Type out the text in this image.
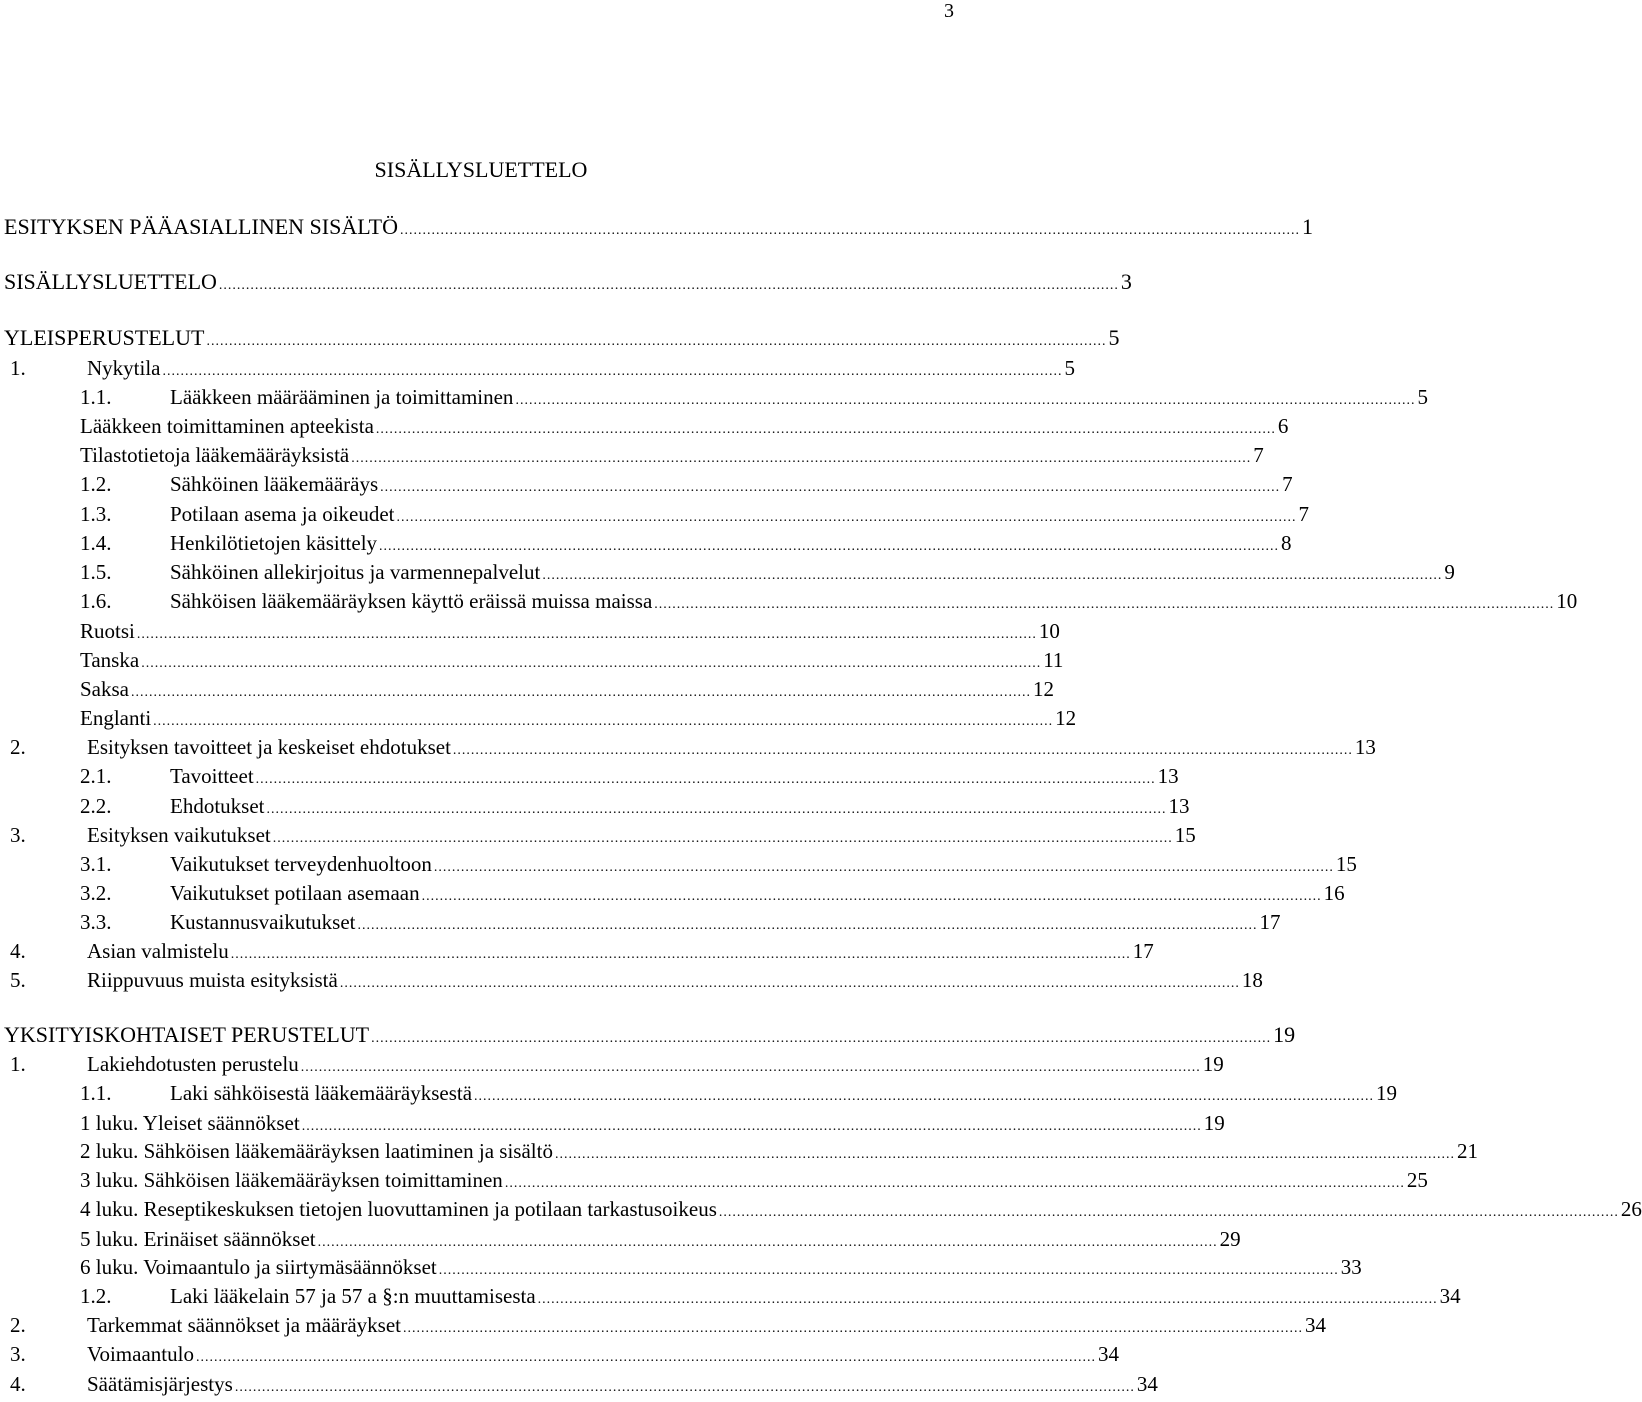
3
SISÄLLYSLUETTELO
ESITYKSEN PÄÄASIALLINEN SISÄLTÖ ........................................................................................................................................................................................................ 1
SISÄLLYSLUETTELO ........................................................................................................................................................................................................ 3
YLEISPERUSTELUT ........................................................................................................................................................................................................ 5
1.	Nykytila ........................................................................................................................................................................................................ 5
1.1.	Lääkkeen määrääminen ja toimittaminen ........................................................................................................................................................................................................ 5
Lääkkeen toimittaminen apteekista ........................................................................................................................................................................................................ 6
Tilastotietoja lääkemääräyksistä ........................................................................................................................................................................................................ 7
1.2.	Sähköinen lääkemääräys ........................................................................................................................................................................................................ 7
1.3.	Potilaan asema ja oikeudet ........................................................................................................................................................................................................ 7
1.4.	Henkilötietojen käsittely ........................................................................................................................................................................................................ 8
1.5.	Sähköinen allekirjoitus ja varmennepalvelut ........................................................................................................................................................................................................ 9
1.6.	Sähköisen lääkemääräyksen käyttö eräissä muissa maissa ........................................................................................................................................................................................................ 10
Ruotsi ........................................................................................................................................................................................................ 10
Tanska ........................................................................................................................................................................................................ 11
Saksa ........................................................................................................................................................................................................ 12
Englanti ........................................................................................................................................................................................................ 12
2.	Esityksen tavoitteet ja keskeiset ehdotukset ........................................................................................................................................................................................................ 13
2.1.	Tavoitteet ........................................................................................................................................................................................................ 13
2.2.	Ehdotukset ........................................................................................................................................................................................................ 13
3.	Esityksen vaikutukset ........................................................................................................................................................................................................ 15
3.1.	Vaikutukset terveydenhuoltoon ........................................................................................................................................................................................................ 15
3.2.	Vaikutukset potilaan asemaan ........................................................................................................................................................................................................ 16
3.3.	Kustannusvaikutukset ........................................................................................................................................................................................................ 17
4.	Asian valmistelu ........................................................................................................................................................................................................ 17
5.	Riippuvuus muista esityksistä ........................................................................................................................................................................................................ 18
YKSITYISKOHTAISET PERUSTELUT ........................................................................................................................................................................................................ 19
1.	Lakiehdotusten perustelu ........................................................................................................................................................................................................ 19
1.1.	Laki sähköisestä lääkemääräyksestä ........................................................................................................................................................................................................ 19
1 luku. Yleiset säännökset ........................................................................................................................................................................................................ 19
2 luku. Sähköisen lääkemääräyksen laatiminen ja sisältö ........................................................................................................................................................................................................ 21
3 luku. Sähköisen lääkemääräyksen toimittaminen ........................................................................................................................................................................................................ 25
4 luku. Reseptikeskuksen tietojen luovuttaminen ja potilaan tarkastusoikeus ........................................................................................................................................................................................................ 26
5 luku. Erinäiset säännökset ........................................................................................................................................................................................................ 29
6 luku. Voimaantulo ja siirtymäsäännökset ........................................................................................................................................................................................................ 33
1.2.	Laki lääkelain 57 ja 57 a §:n muuttamisesta ........................................................................................................................................................................................................ 34
2.	Tarkemmat säännökset ja määräykset ........................................................................................................................................................................................................ 34
3.	Voimaantulo ........................................................................................................................................................................................................ 34
4.	Säätämisjärjestys ........................................................................................................................................................................................................ 34
